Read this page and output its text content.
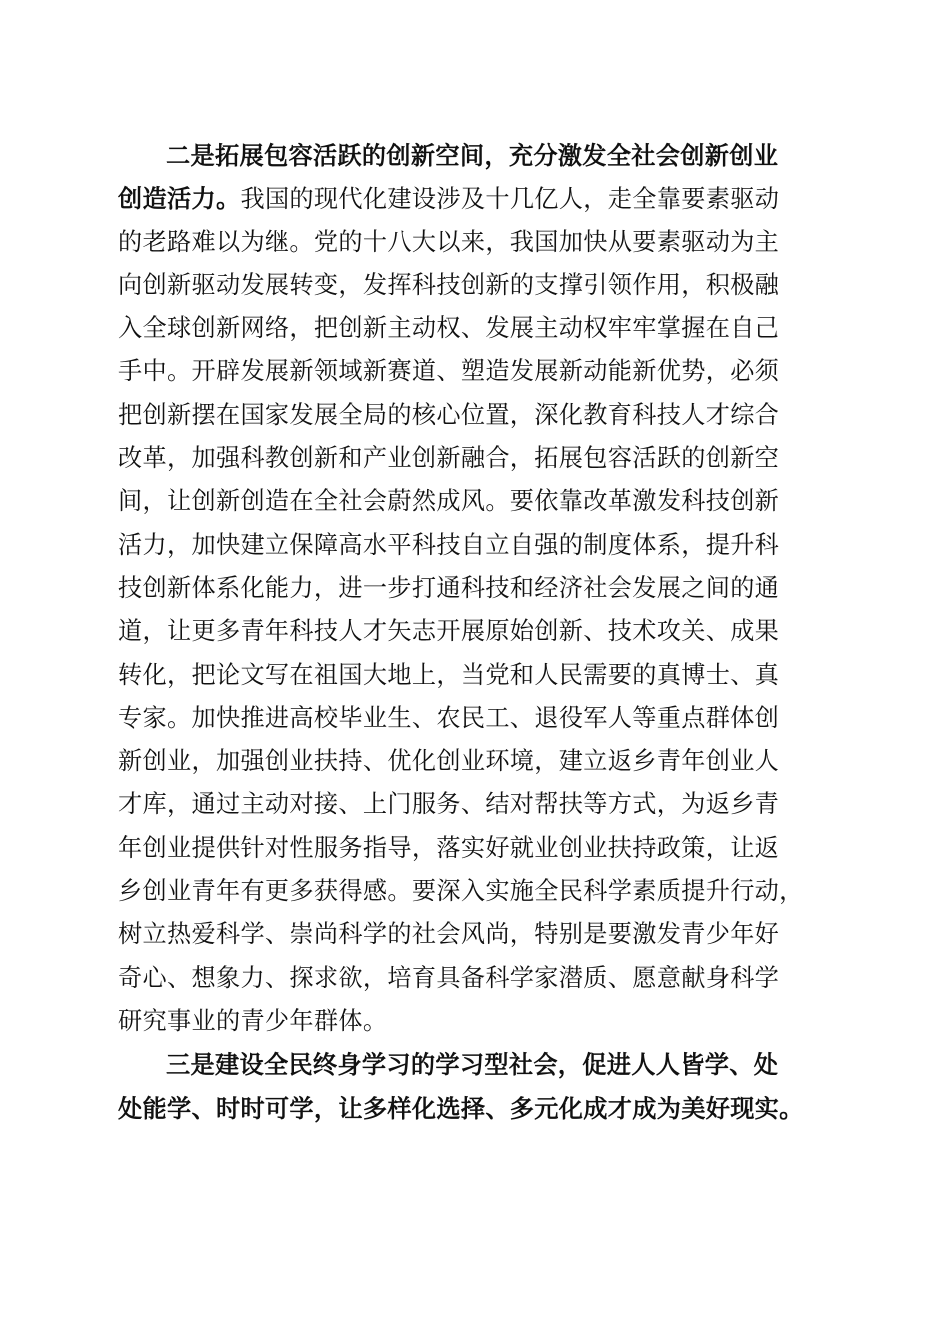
二是拓展包容活跃的创新空间，充分激发全社会创新创业
创造活力。我国的现代化建设涉及十几亿人，走全靠要素驱动
的老路难以为继。党的十八大以来，我国加快从要素驱动为主
向创新驱动发展转变，发挥科技创新的支撑引领作用，积极融
入全球创新网络，把创新主动权、发展主动权牢牢掌握在自己
手中。开辟发展新领域新赛道、塑造发展新动能新优势，必须
把创新摆在国家发展全局的核心位置，深化教育科技人才综合
改革，加强科教创新和产业创新融合，拓展包容活跃的创新空
间，让创新创造在全社会蔚然成风。要依靠改革激发科技创新
活力，加快建立保障高水平科技自立自强的制度体系，提升科
技创新体系化能力，进一步打通科技和经济社会发展之间的通
道，让更多青年科技人才矢志开展原始创新、技术攻关、成果
转化，把论文写在祖国大地上，当党和人民需要的真博士、真
专家。加快推进高校毕业生、农民工、退役军人等重点群体创
新创业，加强创业扶持、优化创业环境，建立返乡青年创业人
才库，通过主动对接、上门服务、结对帮扶等方式，为返乡青
年创业提供针对性服务指导，落实好就业创业扶持政策，让返
乡创业青年有更多获得感。要深入实施全民科学素质提升行动，
树立热爱科学、崇尚科学的社会风尚，特别是要激发青少年好
奇心、想象力、探求欲，培育具备科学家潜质、愿意献身科学
研究事业的青少年群体。
三是建设全民终身学习的学习型社会，促进人人皆学、处
处能学、时时可学，让多样化选择、多元化成才成为美好现实。
